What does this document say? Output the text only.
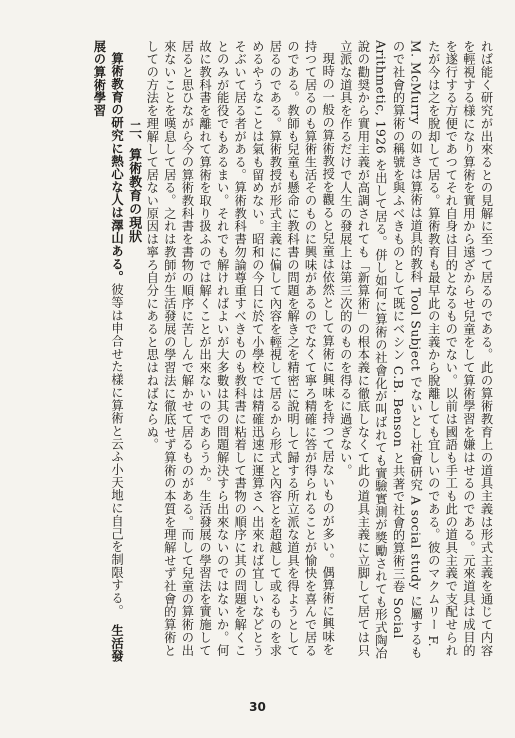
れば能く研究が出來るとの見解に至つて居るのである。此の算術教育上の道具主義は形式主義を通じて内容を輕視する様になり算術を實用から遠ざからせ兒童をして算術學習を嫌はせるのである。元來道具は成目的を遂行する方便であつてそれ自身は目的となるものでない。以前は國語も手工も此の道具主義で支配せられたが今は之を脫却して居る。算術教育も最早此の主義から脫離しても宜しいのである。彼のマクムリー F. M. McMurry の如きは算術は道具的教科 Tool Subject でないとし社會研究 A social study に屬するもので社會的算術の稱號を與ふべきものとして既にベシン C.B. Benson と共著で社會的算術三卷 Social Arithmetic, 1926 を出して居る。併し如何に算術の社會化が叫ばれても實驗實測が獎勵されても形式陶冶說の勸奨から實用主義が高調されても「新算術」の根本義に徹底しなくて此の道具主義に立脚して居ては只立派な道具を作るだけで人生の發展上は第三次的のものを得るに過ぎない。

現時の一般の算術教授を觀ると兒童は依然として算術に興味を持つて居ないものが多い。偶算術に興味を持つて居るのも算術生活そのものに興味があるのでなくて寧ろ精確に答が得られることが愉快を喜んで居るのである。教師も兒童も懸命に教科書の問題を解き之を精密に說明して歸する所立派な道具を得ようとして居るのである。算術教授が形式主義に偏して內容を輕視して居るから形式と內容とを超越して或るものを求めるやうなことは氣も留めない。昭和の今日に於て小學校では精確迅速に運算さへ出來れば宜しいなどとうそぶいて居る者がある。算術教科書勿論尊重すべきものも教科書に粘着して書物の順序に其の問題を解くことのみが能役でもあるまい。それでも解ければよいが大多數は其の問題解決すら出來ないのではないか。何故に教科書を離れて算術を取り扱ふのでは解くことが出來ないのであらうか。生活發展の學習法を實施して居ると思ひながら今の算術教科書を書物の順序に苦しんで解かせて居るものがある。而して兒童の算術の出來ないことを嘆息して居る。之れは教師が生活發展の學習法に徹底せず算術の本質を理解せず社會的算術としての方法を理解して居ない原因は寧ろ自分にあると思はねばならぬ。

二、算術教育の現狀

算術教育の研究に熱心な人は澤山ある。彼等は申合せた樣に算術と云ふ小天地に自己を制限する。　生活發展の算術學習

30
